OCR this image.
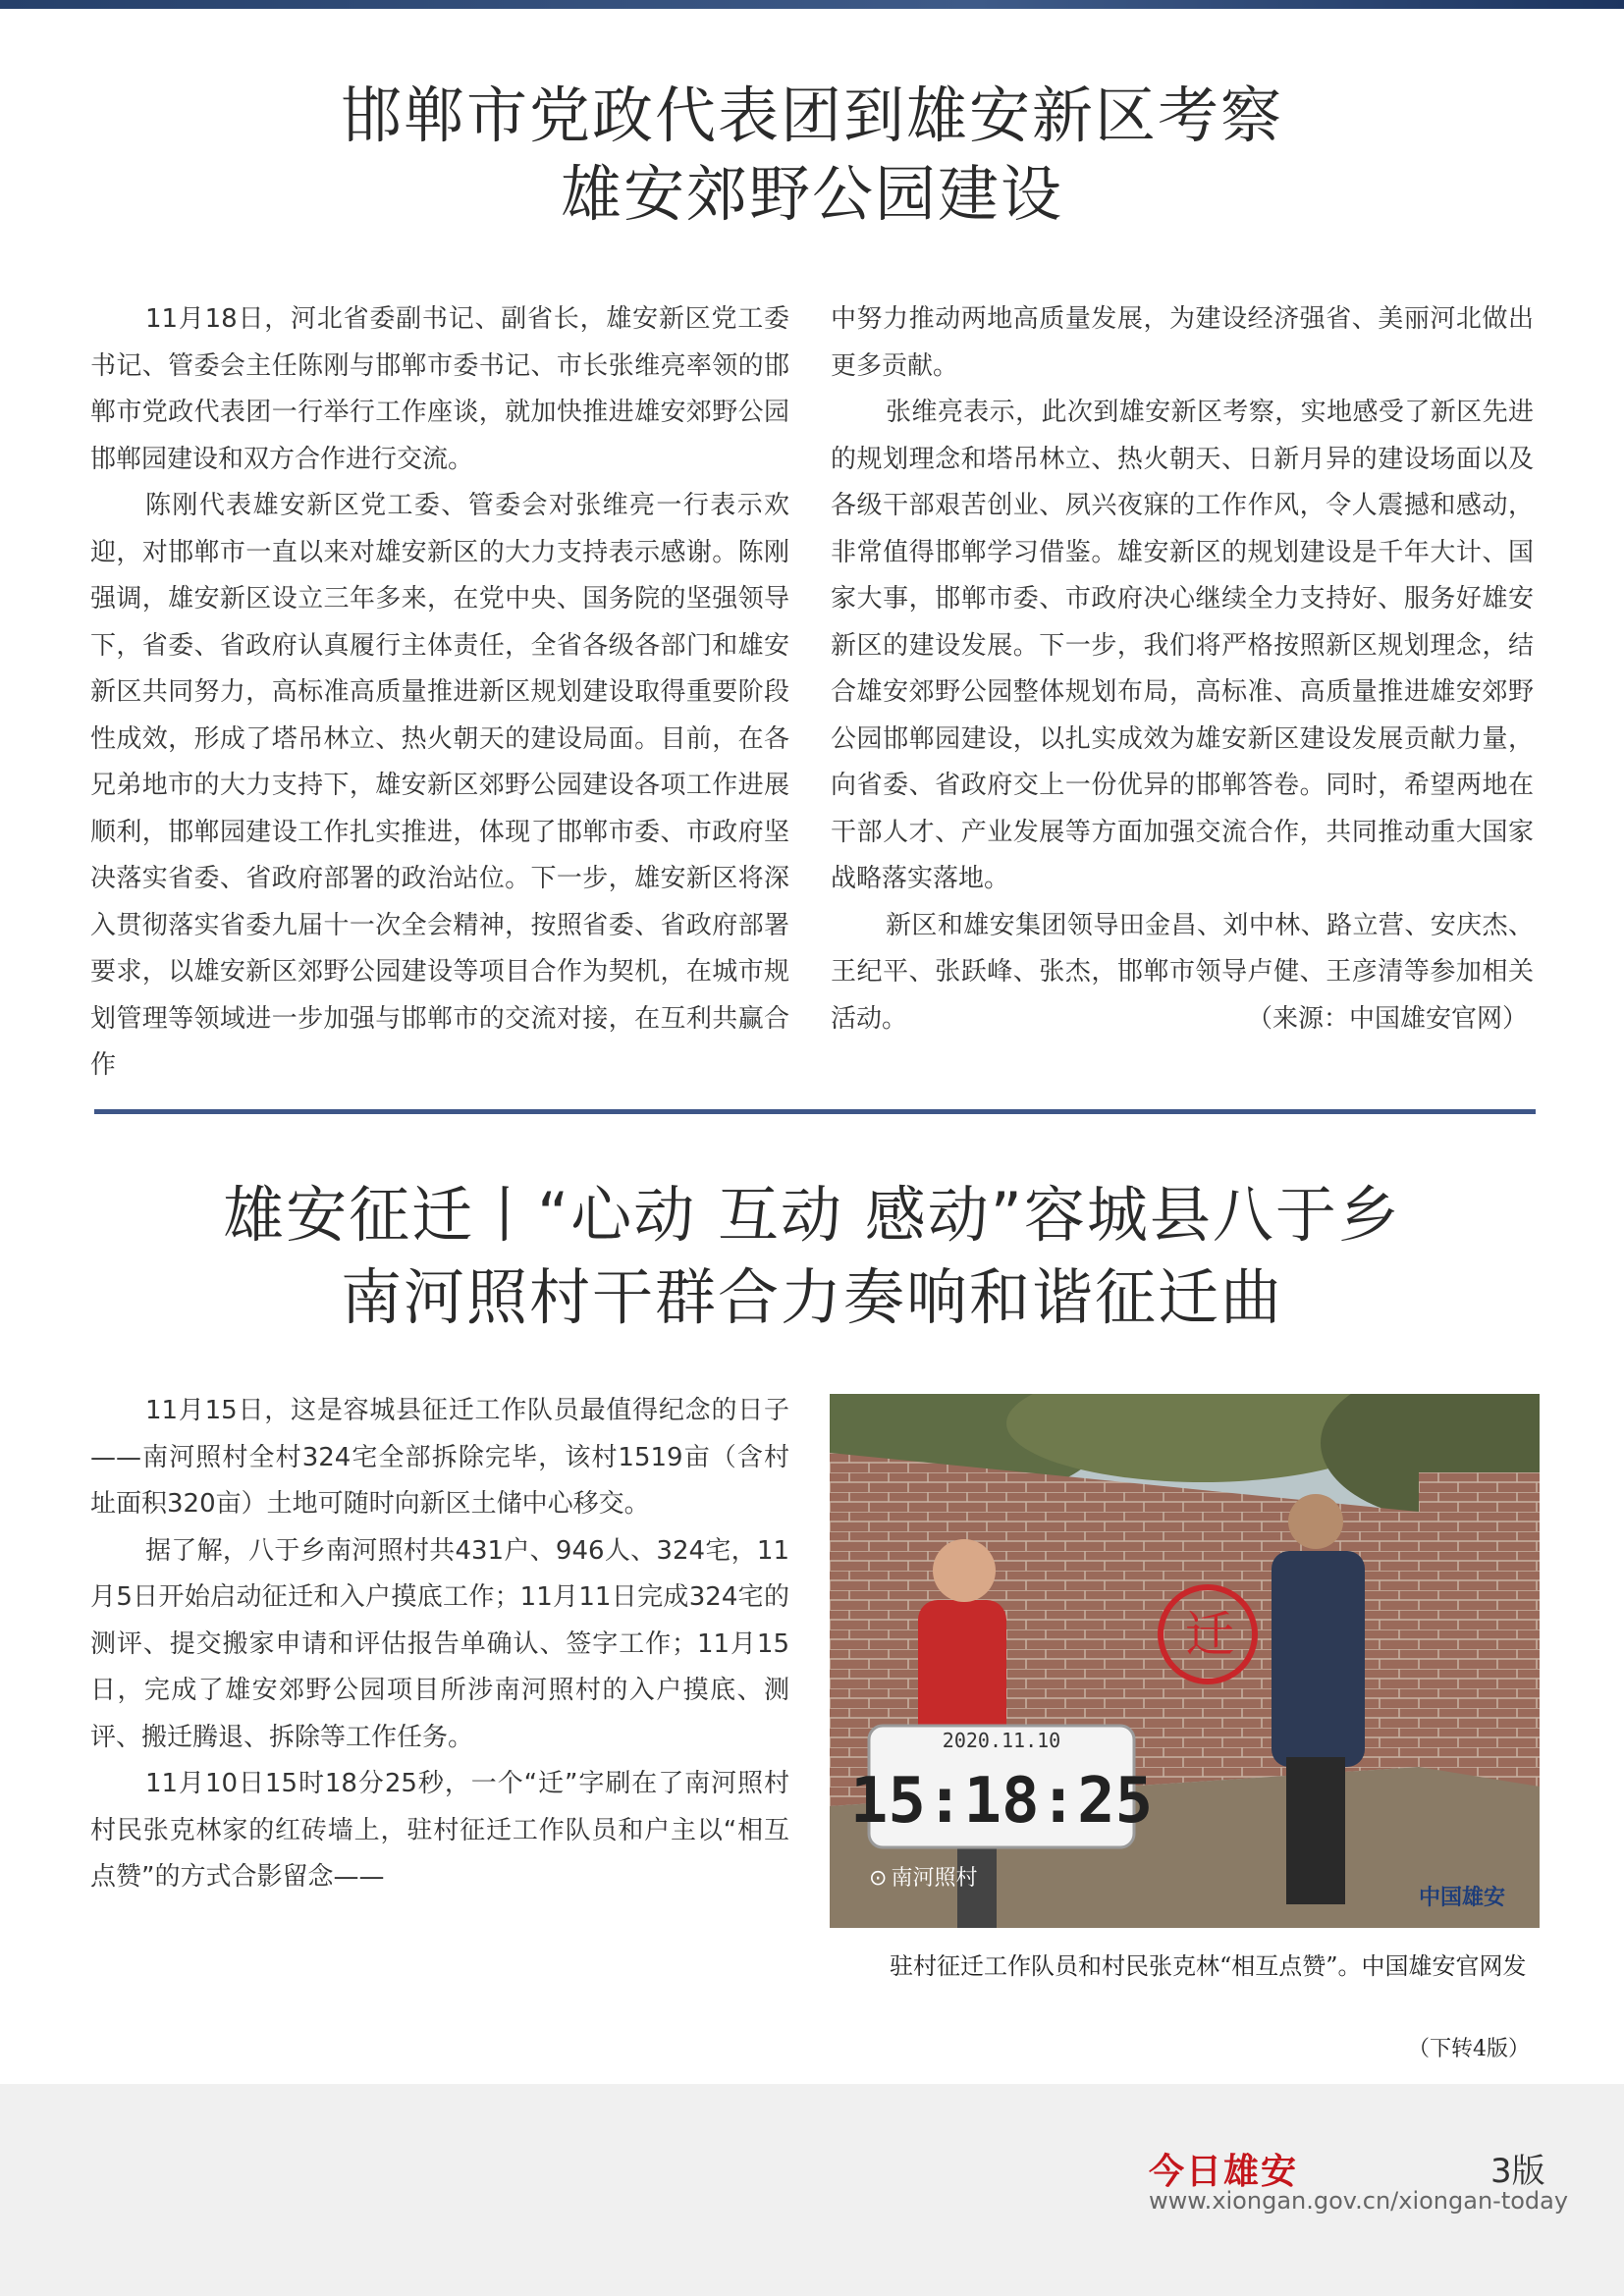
邯郸市党政代表团到雄安新区考察
雄安郊野公园建设

11月18日，河北省委副书记、副省长，雄安新区党工委书记、管委会主任陈刚与邯郸市委书记、市长张维亮率领的邯郸市党政代表团一行举行工作座谈，就加快推进雄安郊野公园邯郸园建设和双方合作进行交流。

陈刚代表雄安新区党工委、管委会对张维亮一行表示欢迎，对邯郸市一直以来对雄安新区的大力支持表示感谢。陈刚强调，雄安新区设立三年多来，在党中央、国务院的坚强领导下，省委、省政府认真履行主体责任，全省各级各部门和雄安新区共同努力，高标准高质量推进新区规划建设取得重要阶段性成效，形成了塔吊林立、热火朝天的建设局面。目前，在各兄弟地市的大力支持下，雄安新区郊野公园建设各项工作进展顺利，邯郸园建设工作扎实推进，体现了邯郸市委、市政府坚决落实省委、省政府部署的政治站位。下一步，雄安新区将深入贯彻落实省委九届十一次全会精神，按照省委、省政府部署要求，以雄安新区郊野公园建设等项目合作为契机，在城市规划管理等领域进一步加强与邯郸市的交流对接，在互利共赢合作

中努力推动两地高质量发展，为建设经济强省、美丽河北做出更多贡献。

张维亮表示，此次到雄安新区考察，实地感受了新区先进的规划理念和塔吊林立、热火朝天、日新月异的建设场面以及各级干部艰苦创业、夙兴夜寐的工作作风，令人震撼和感动，非常值得邯郸学习借鉴。雄安新区的规划建设是千年大计、国家大事，邯郸市委、市政府决心继续全力支持好、服务好雄安新区的建设发展。下一步，我们将严格按照新区规划理念，结合雄安郊野公园整体规划布局，高标准、高质量推进雄安郊野公园邯郸园建设，以扎实成效为雄安新区建设发展贡献力量，向省委、省政府交上一份优异的邯郸答卷。同时，希望两地在干部人才、产业发展等方面加强交流合作，共同推动重大国家战略落实落地。

新区和雄安集团领导田金昌、刘中林、路立营、安庆杰、王纪平、张跃峰、张杰，邯郸市领导卢健、王彦清等参加相关活动。	（来源：中国雄安官网）

雄安征迁丨“心动 互动 感动”容城县八于乡
南河照村干群合力奏响和谐征迁曲

11月15日，这是容城县征迁工作队员最值得纪念的日子——南河照村全村324宅全部拆除完毕，该村1519亩（含村址面积320亩）土地可随时向新区土储中心移交。

据了解，八于乡南河照村共431户、946人、324宅，11月5日开始启动征迁和入户摸底工作；11月11日完成324宅的测评、提交搬家申请和评估报告单确认、签字工作；11月15日，完成了雄安郊野公园项目所涉南河照村的入户摸底、测评、搬迁腾退、拆除等工作任务。

11月10日15时18分25秒，一个“迁”字刷在了南河照村村民张克林家的红砖墙上，驻村征迁工作队员和户主以“相互点赞”的方式合影留念——

迁
2020.11.10
15:18:25
⊙ 南河照村
中国雄安
驻村征迁工作队员和村民张克林“相互点赞”。中国雄安官网发
（下转4版）
今日雄安	3版
www.xiongan.gov.cn/xiongan-today
